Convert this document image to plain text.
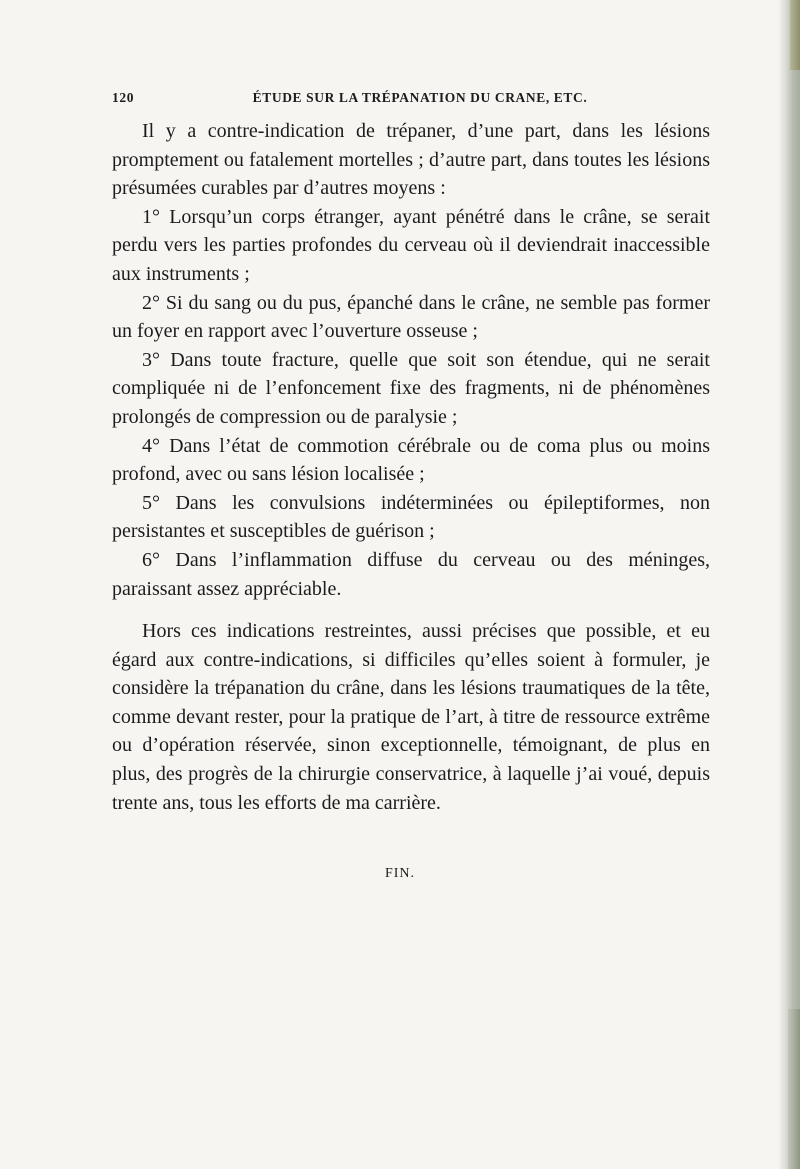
120	ÉTUDE SUR LA TRÉPANATION DU CRANE, ETC.

Il y a contre-indication de trépaner, d’une part, dans les lésions promptement ou fatalement mortelles ; d’autre part, dans toutes les lésions présumées curables par d’autres moyens :

1° Lorsqu’un corps étranger, ayant pénétré dans le crâne, se serait perdu vers les parties profondes du cerveau où il deviendrait inaccessible aux instruments ;

2° Si du sang ou du pus, épanché dans le crâne, ne semble pas former un foyer en rapport avec l’ouverture osseuse ;

3° Dans toute fracture, quelle que soit son étendue, qui ne serait compliquée ni de l’enfoncement fixe des fragments, ni de phénomènes prolongés de compression ou de paralysie ;

4° Dans l’état de commotion cérébrale ou de coma plus ou moins profond, avec ou sans lésion localisée ;

5° Dans les convulsions indéterminées ou épileptiformes, non persistantes et susceptibles de guérison ;

6° Dans l’inflammation diffuse du cerveau ou des méninges, paraissant assez appréciable.

Hors ces indications restreintes, aussi précises que possible, et eu égard aux contre-indications, si difficiles qu’elles soient à formuler, je considère la trépanation du crâne, dans les lésions traumatiques de la tête, comme devant rester, pour la pratique de l’art, à titre de ressource extrême ou d’opération réservée, sinon exceptionnelle, témoignant, de plus en plus, des progrès de la chirurgie conservatrice, à laquelle j’ai voué, depuis trente ans, tous les efforts de ma carrière.

FIN.
